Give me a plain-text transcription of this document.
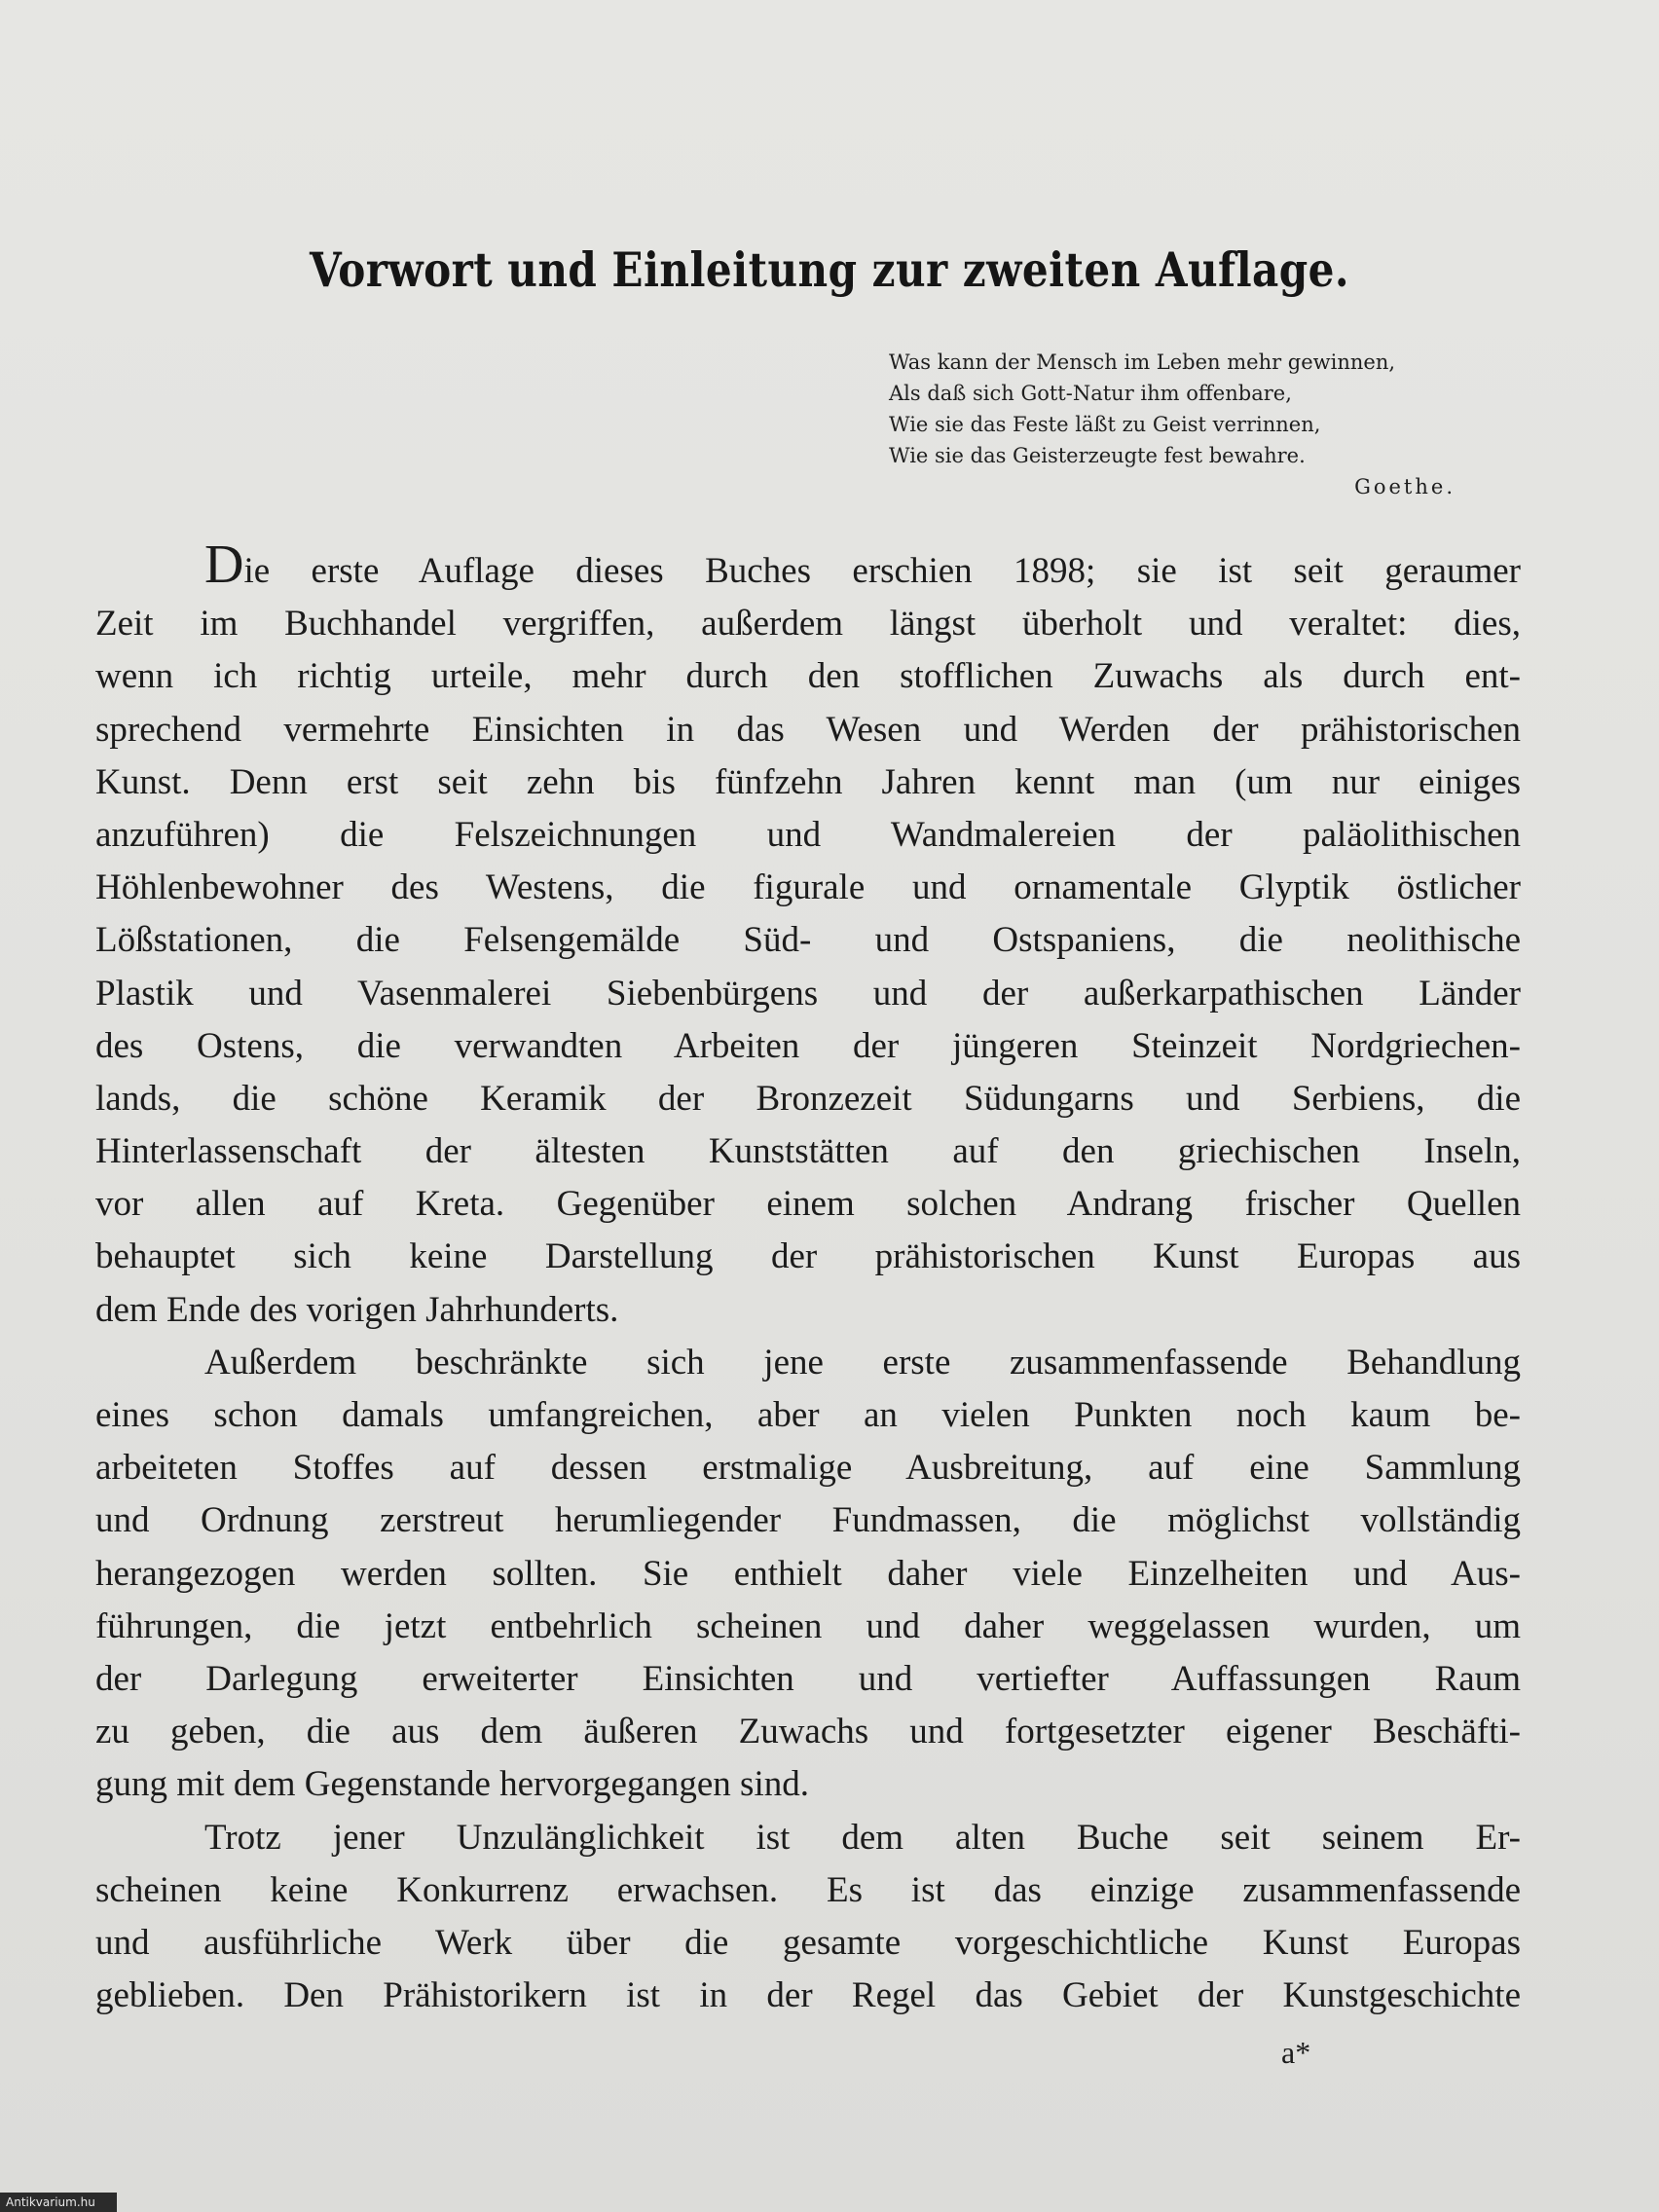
Vorwort und Einleitung zur zweiten Auflage.
Was kann der Mensch im Leben mehr gewinnen,
Als daß sich Gott-Natur ihm offenbare,
Wie sie das Feste läßt zu Geist verrinnen,
Wie sie das Geisterzeugte fest bewahre.
Goethe.
Die erste Auflage dieses Buches erschien 1898; sie ist seit geraumer
Zeit im Buchhandel vergriffen, außerdem längst überholt und veraltet: dies,
wenn ich richtig urteile, mehr durch den stofflichen Zuwachs als durch ent-
sprechend vermehrte Einsichten in das Wesen und Werden der prähistorischen
Kunst. Denn erst seit zehn bis fünfzehn Jahren kennt man (um nur einiges
anzuführen) die Felszeichnungen und Wandmalereien der paläolithischen
Höhlenbewohner des Westens, die figurale und ornamentale Glyptik östlicher
Lößstationen, die Felsengemälde Süd- und Ostspaniens, die neolithische
Plastik und Vasenmalerei Siebenbürgens und der außerkarpathischen Länder
des Ostens, die verwandten Arbeiten der jüngeren Steinzeit Nordgriechen-
lands, die schöne Keramik der Bronzezeit Südungarns und Serbiens, die
Hinterlassenschaft der ältesten Kunststätten auf den griechischen Inseln,
vor allen auf Kreta. Gegenüber einem solchen Andrang frischer Quellen
behauptet sich keine Darstellung der prähistorischen Kunst Europas aus
dem Ende des vorigen Jahrhunderts.
Außerdem beschränkte sich jene erste zusammenfassende Behandlung
eines schon damals umfangreichen, aber an vielen Punkten noch kaum be-
arbeiteten Stoffes auf dessen erstmalige Ausbreitung, auf eine Sammlung
und Ordnung zerstreut herumliegender Fundmassen, die möglichst vollständig
herangezogen werden sollten. Sie enthielt daher viele Einzelheiten und Aus-
führungen, die jetzt entbehrlich scheinen und daher weggelassen wurden, um
der Darlegung erweiterter Einsichten und vertiefter Auffassungen Raum
zu geben, die aus dem äußeren Zuwachs und fortgesetzter eigener Beschäfti-
gung mit dem Gegenstande hervorgegangen sind.
Trotz jener Unzulänglichkeit ist dem alten Buche seit seinem Er-
scheinen keine Konkurrenz erwachsen. Es ist das einzige zusammenfassende
und ausführliche Werk über die gesamte vorgeschichtliche Kunst Europas
geblieben. Den Prähistorikern ist in der Regel das Gebiet der Kunstgeschichte
a*
Antikvarium.hu
